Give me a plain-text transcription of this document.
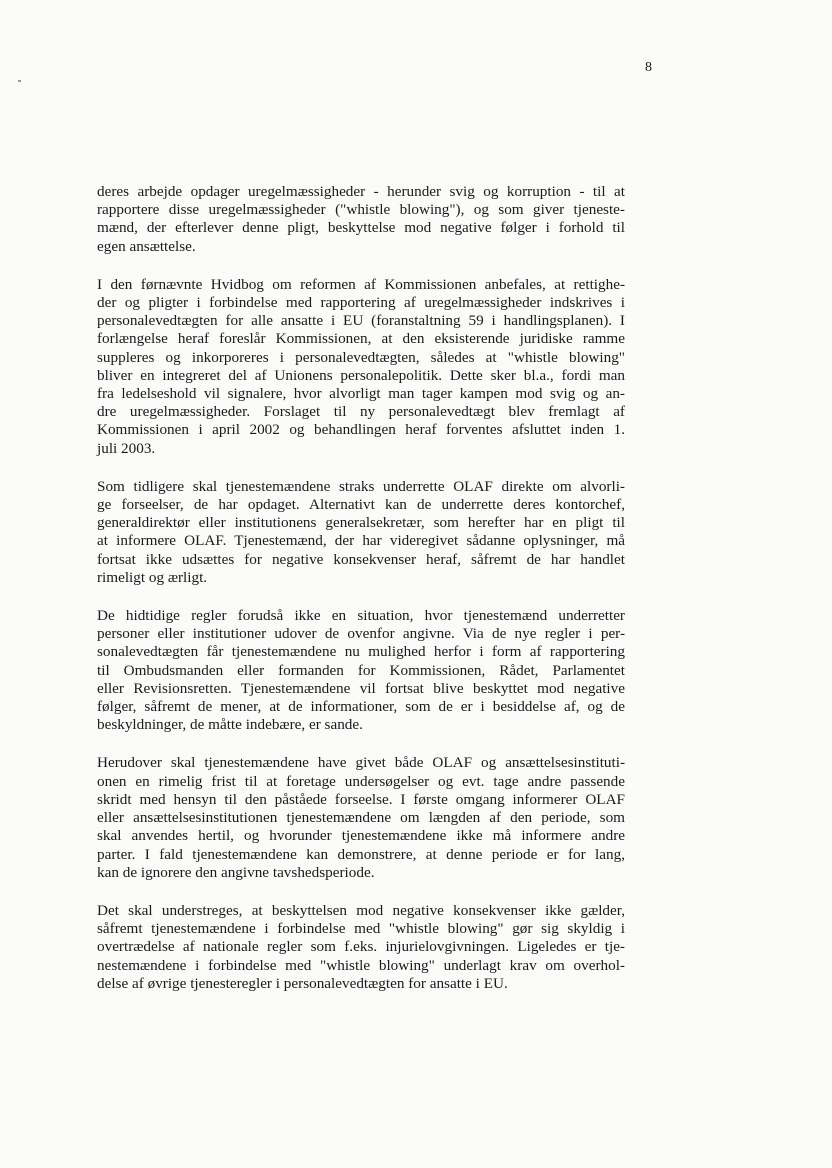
8
deres arbejde opdager uregelmæssigheder - herunder svig og korruption - til at
rapportere disse uregelmæssigheder ("whistle blowing"), og som giver tjeneste-
mænd, der efterlever denne pligt, beskyttelse mod negative følger i forhold til
egen ansættelse.
I den førnævnte Hvidbog om reformen af Kommissionen anbefales, at rettighe-
der og pligter i forbindelse med rapportering af uregelmæssigheder indskrives i
personalevedtægten for alle ansatte i EU (foranstaltning 59 i handlingsplanen). I
forlængelse heraf foreslår Kommissionen, at den eksisterende juridiske ramme
suppleres og inkorporeres i personalevedtægten, således at "whistle blowing"
bliver en integreret del af Unionens personalepolitik. Dette sker bl.a., fordi man
fra ledelseshold vil signalere, hvor alvorligt man tager kampen mod svig og an-
dre uregelmæssigheder. Forslaget til ny personalevedtægt blev fremlagt af
Kommissionen i april 2002 og behandlingen heraf forventes afsluttet inden 1.
juli 2003.
Som tidligere skal tjenestemændene straks underrette OLAF direkte om alvorli-
ge forseelser, de har opdaget. Alternativt kan de underrette deres kontorchef,
generaldirektør eller institutionens generalsekretær, som herefter har en pligt til
at informere OLAF. Tjenestemænd, der har videregivet sådanne oplysninger, må
fortsat ikke udsættes for negative konsekvenser heraf, såfremt de har handlet
rimeligt og ærligt.
De hidtidige regler forudså ikke en situation, hvor tjenestemænd underretter
personer eller institutioner udover de ovenfor angivne. Via de nye regler i per-
sonalevedtægten får tjenestemændene nu mulighed herfor i form af rapportering
til Ombudsmanden eller formanden for Kommissionen, Rådet, Parlamentet
eller Revisionsretten. Tjenestemændene vil fortsat blive beskyttet mod negative
følger, såfremt de mener, at de informationer, som de er i besiddelse af, og de
beskyldninger, de måtte indebære, er sande.
Herudover skal tjenestemændene have givet både OLAF og ansættelsesinstituti-
onen en rimelig frist til at foretage undersøgelser og evt. tage andre passende
skridt med hensyn til den påståede forseelse. I første omgang informerer OLAF
eller ansættelsesinstitutionen tjenestemændene om længden af den periode, som
skal anvendes hertil, og hvorunder tjenestemændene ikke må informere andre
parter. I fald tjenestemændene kan demonstrere, at denne periode er for lang,
kan de ignorere den angivne tavshedsperiode.
Det skal understreges, at beskyttelsen mod negative konsekvenser ikke gælder,
såfremt tjenestemændene i forbindelse med "whistle blowing" gør sig skyldig i
overtrædelse af nationale regler som f.eks. injurielovgivningen. Ligeledes er tje-
nestemændene i forbindelse med "whistle blowing" underlagt krav om overhol-
delse af øvrige tjenesteregler i personalevedtægten for ansatte i EU.
